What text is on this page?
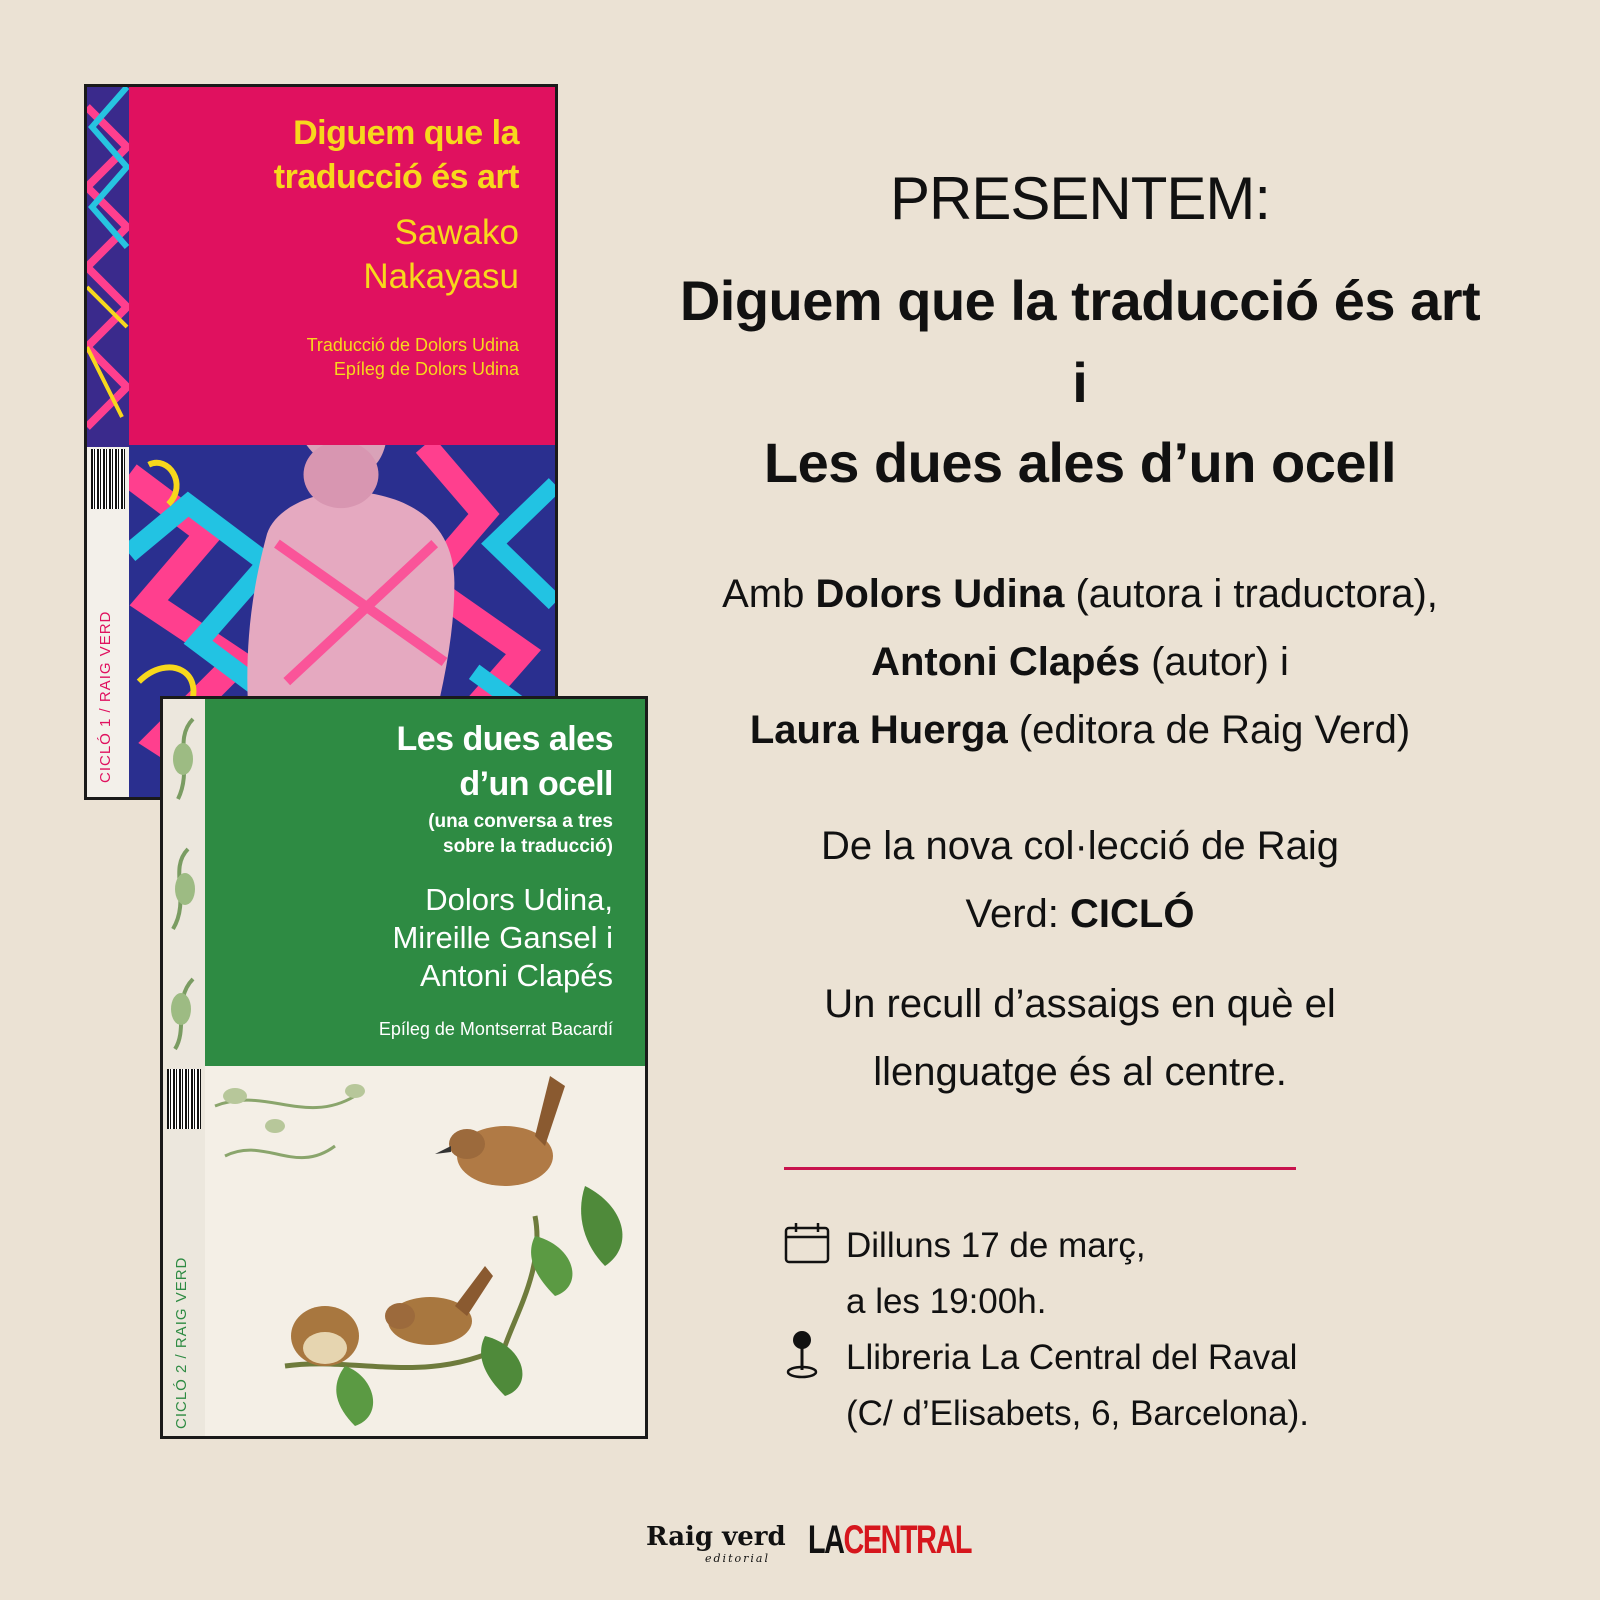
CICLÓ 1 / RAIG VERD
Diguem que la traducció és art
Sawako Nakayasu
Traducció de Dolors Udina
Epíleg de Dolors Udina
CICLÓ 2 / RAIG VERD
Les dues ales d’un ocell
(una conversa a tres sobre la traducció)
Dolors Udina, Mireille Gansel i Antoni Clapés
Epíleg de Montserrat Bacardí
PRESENTEM:
Diguem que la traducció és art
i
Les dues ales d’un ocell
Amb Dolors Udina (autora i traductora),
Antoni Clapés (autor) i
Laura Huerga (editora de Raig Verd)
De la nova col·lecció de Raig Verd: CICLÓ
Un recull d’assaigs en què el llenguatge és al centre.
Dilluns 17 de març,
a les 19:00h.
Llibreria La Central del Raval
(C/ d’Elisabets, 6, Barcelona).
Raig verd
editorial LACENTRAL
